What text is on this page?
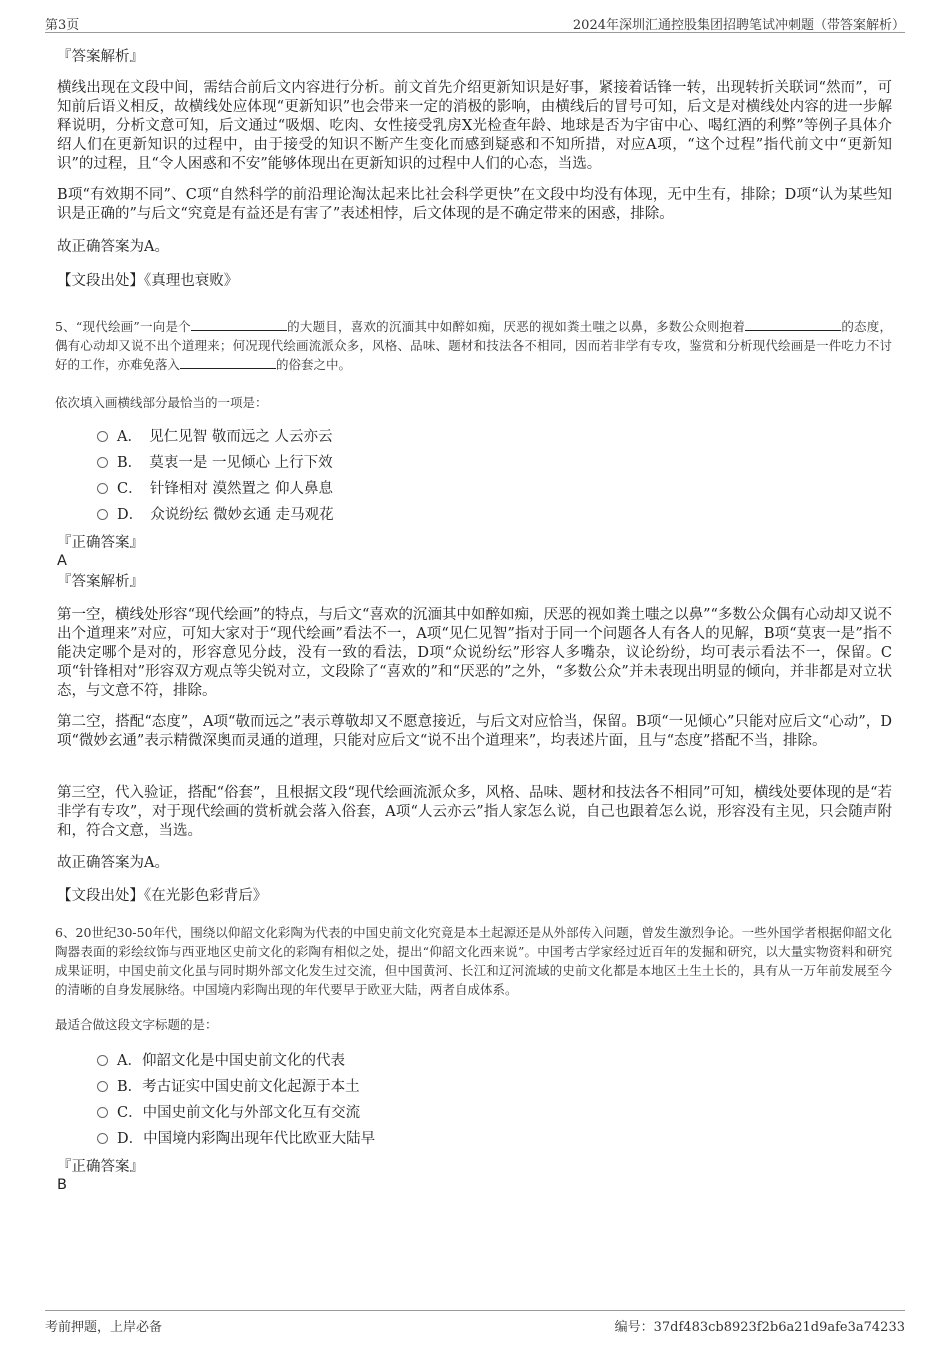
第3页	2024年深圳汇通控股集团招聘笔试冲刺题（带答案解析）
『答案解析』
横线出现在文段中间，需结合前后文内容进行分析。前文首先介绍更新知识是好事，紧接着话锋一转，出现转折关联词“然而”，可知前后语义相反，故横线处应体现“更新知识”也会带来一定的消极的影响，由横线后的冒号可知，后文是对横线处内容的进一步解释说明，分析文意可知，后文通过“吸烟、吃肉、女性接受乳房X光检查年龄、地球是否为宇宙中心、喝红酒的利弊”等例子具体介绍人们在更新知识的过程中，由于接受的知识不断产生变化而感到疑惑和不知所措，对应A项，“这个过程”指代前文中“更新知识”的过程，且“令人困惑和不安”能够体现出在更新知识的过程中人们的心态，当选。
B项“有效期不同”、C项“自然科学的前沿理论淘汰起来比社会科学更快”在文段中均没有体现，无中生有，排除；D项“认为某些知识是正确的”与后文“究竟是有益还是有害了”表述相悖，后文体现的是不确定带来的困惑，排除。
故正确答案为A。
【文段出处】《真理也衰败》
5、“现代绘画”一向是个	的大题目，喜欢的沉湎其中如醉如痴，厌恶的视如粪土嗤之以鼻，多数公众则抱着	的态度，偶有心动却又说不出个道理来；何况现代绘画流派众多，风格、品味、题材和技法各不相同，因而若非学有专攻，鉴赏和分析现代绘画是一件吃力不讨好的工作，亦难免落入	的俗套之中。
依次填入画横线部分最恰当的一项是：
A．　见仁见智 敬而远之 人云亦云
B．　莫衷一是 一见倾心 上行下效
C．　针锋相对 漠然置之 仰人鼻息
D．　众说纷纭 微妙玄通 走马观花
『正确答案』
A
『答案解析』
第一空，横线处形容“现代绘画”的特点，与后文“喜欢的沉湎其中如醉如痴，厌恶的视如粪土嗤之以鼻”“多数公众偶有心动却又说不出个道理来”对应，可知大家对于“现代绘画”看法不一，A项“见仁见智”指对于同一个问题各人有各人的见解，B项“莫衷一是”指不能决定哪个是对的，形容意见分歧，没有一致的看法，D项“众说纷纭”形容人多嘴杂，议论纷纷，均可表示看法不一，保留。C项“针锋相对”形容双方观点等尖锐对立，文段除了“喜欢的”和“厌恶的”之外，“多数公众”并未表现出明显的倾向，并非都是对立状态，与文意不符，排除。
第二空，搭配“态度”，A项“敬而远之”表示尊敬却又不愿意接近，与后文对应恰当，保留。B项“一见倾心”只能对应后文“心动”，D项“微妙玄通”表示精微深奥而灵通的道理，只能对应后文“说不出个道理来”，均表述片面，且与“态度”搭配不当，排除。
第三空，代入验证，搭配“俗套”，且根据文段“现代绘画流派众多，风格、品味、题材和技法各不相同”可知，横线处要体现的是“若非学有专攻”，对于现代绘画的赏析就会落入俗套，A项“人云亦云”指人家怎么说，自己也跟着怎么说，形容没有主见，只会随声附和，符合文意，当选。
故正确答案为A。
【文段出处】《在光影色彩背后》
6、20世纪30-50年代，围绕以仰韶文化彩陶为代表的中国史前文化究竟是本土起源还是从外部传入问题，曾发生激烈争论。一些外国学者根据仰韶文化陶器表面的彩绘纹饰与西亚地区史前文化的彩陶有相似之处，提出“仰韶文化西来说”。中国考古学家经过近百年的发掘和研究，以大量实物资料和研究成果证明，中国史前文化虽与同时期外部文化发生过交流，但中国黄河、长江和辽河流域的史前文化都是本地区土生土长的，具有从一万年前发展至今的清晰的自身发展脉络。中国境内彩陶出现的年代要早于欧亚大陆，两者自成体系。
最适合做这段文字标题的是：
A．仰韶文化是中国史前文化的代表
B．考古证实中国史前文化起源于本土
C．中国史前文化与外部文化互有交流
D．中国境内彩陶出现年代比欧亚大陆早
『正确答案』
B
考前押题，上岸必备	编号：37df483cb8923f2b6a21d9afe3a74233
